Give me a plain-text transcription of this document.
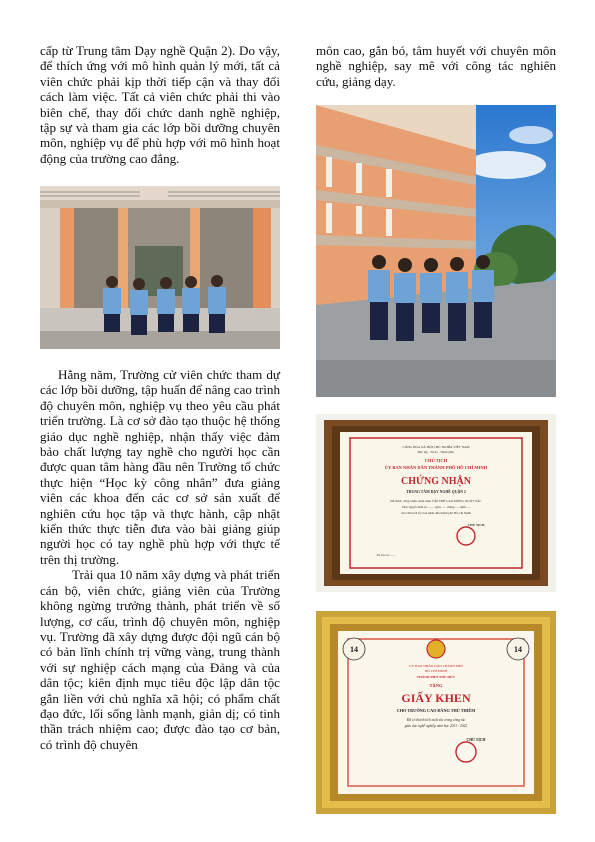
cấp từ Trung tâm Dạy nghề Quận 2). Do vậy, để thích ứng với mô hình quản lý mới, tất cả viên chức phải kịp thời tiếp cận và thay đổi cách làm việc. Tất cả viên chức phải thi vào biên chế, thay đổi chức danh nghề nghiệp, tập sự và tham gia các lớp bồi dưỡng chuyên môn, nghiệp vụ để phù hợp với mô hình hoạt động của trường cao đẳng.

Hằng năm, Trường cử viên chức tham dự các lớp bồi dưỡng, tập huấn để nâng cao trình độ chuyên môn, nghiệp vụ theo yêu cầu phát triển trường. Là cơ sở đào tạo thuộc hệ thống giáo dục nghề nghiệp, nhận thấy việc đảm bảo chất lượng tay nghề cho người học cần được quan tâm hàng đầu nên Trường tổ chức thực hiện “Học kỳ công nhân” đưa giảng viên các khoa đến các cơ sở sản xuất để nghiên cứu học tập và thực hành, cập nhật kiến thức thực tiễn đưa vào bài giảng giúp người học có tay nghề phù hợp với thực tế trên thị trường.

Trải qua 10 năm xây dựng và phát triển cán bộ, viên chức, giảng viên của Trường không ngừng trưởng thành, phát triển về số lượng, cơ cấu, trình độ chuyên môn, nghiệp vụ. Trường đã xây dựng được đội ngũ cán bộ có bản lĩnh chính trị vững vàng, trung thành với sự nghiệp cách mạng của Đảng và của dân tộc; kiên định mục tiêu độc lập dân tộc gắn liền với chủ nghĩa xã hội; có phẩm chất đạo đức, lối sống lành mạnh, giản dị; có tinh thần trách nhiệm cao; được đào tạo cơ bản, có trình độ chuyên

môn cao, gắn bó, tâm huyết với chuyên môn nghề nghiệp, say mê với công tác nghiên cứu, giảng dạy.

CỘNG HÒA XÃ HỘI CHỦ NGHĨA VIỆT NAM
Độc lập - Tự do - Hạnh phúc
CHỦ TỊCH
ỦY BAN NHÂN DÂN THÀNH PHỐ HỒ CHÍ MINH
CHỨNG NHẬN
TRUNG TÂM DẠY NGHỀ QUẬN 2
Đã được công nhận danh hiệu TẬP THỂ LAO ĐỘNG XUẤT SẮC
Theo Quyết định số ........ ngày ...... tháng ..... năm .....
của Chủ tịch Ủy ban nhân dân thành phố Hồ Chí Minh
CHỦ TỊCH
Số vào sổ: ......
14	14
ỦY BAN NHÂN DÂN THÀNH PHỐ
HỒ CHÍ MINH
THÀNH PHỐ THỦ ĐỨC
TẶNG
GIẤY KHEN
CHO TRƯỜNG CAO ĐẲNG THỦ THIÊM
Đã có thành tích xuất sắc trong công tác
giáo dục nghề nghiệp năm học 2021 - 2022
CHỦ TỊCH
